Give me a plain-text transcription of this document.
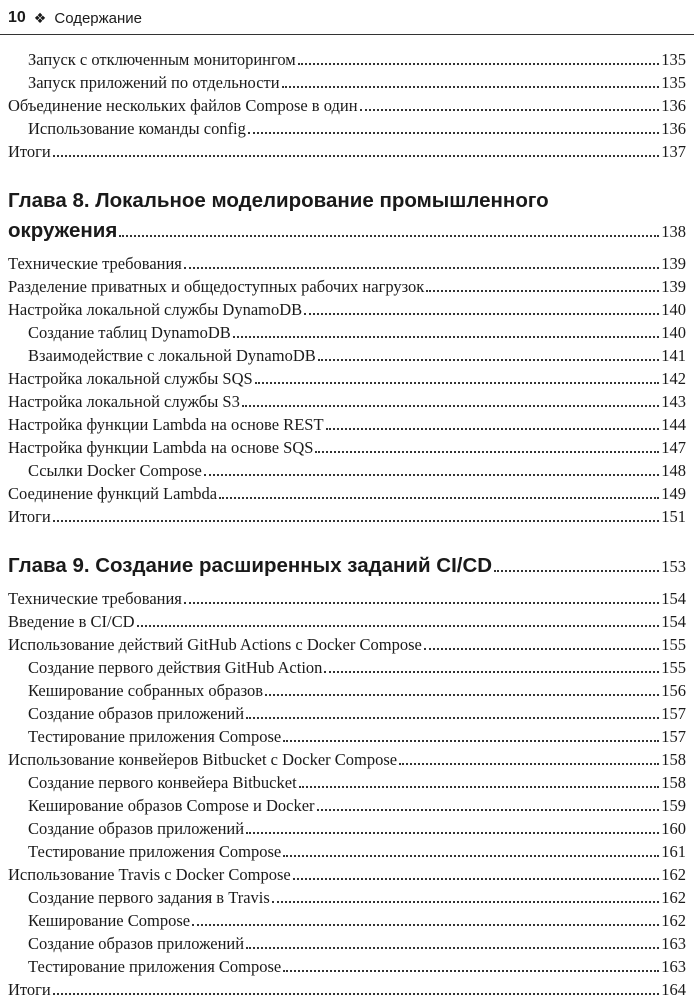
10 ❖ Содержание
Запуск с отключенным мониторингом	135
Запуск приложений по отдельности	135
Объединение нескольких файлов Compose в один	136
Использование команды config	136
Итоги	137
Глава 8. Локальное моделирование промышленного
окружения	138
Технические требования	139
Разделение приватных и общедоступных рабочих нагрузок	139
Настройка локальной службы DynamoDB	140
Создание таблиц DynamoDB	140
Взаимодействие с локальной DynamoDB	141
Настройка локальной службы SQS	142
Настройка локальной службы S3	143
Настройка функции Lambda на основе REST	144
Настройка функции Lambda на основе SQS	147
Ссылки Docker Compose	148
Соединение функций Lambda	149
Итоги	151
Глава 9. Создание расширенных заданий CI/CD	153
Технические требования	154
Введение в CI/CD	154
Использование действий GitHub Actions с Docker Compose	155
Создание первого действия GitHub Action	155
Кеширование собранных образов	156
Создание образов приложений	157
Тестирование приложения Compose	157
Использование конвейеров Bitbucket с Docker Compose	158
Создание первого конвейера Bitbucket	158
Кеширование образов Compose и Docker	159
Создание образов приложений	160
Тестирование приложения Compose	161
Использование Travis с Docker Compose	162
Создание первого задания в Travis	162
Кеширование Compose	162
Создание образов приложений	163
Тестирование приложения Compose	163
Итоги	164
